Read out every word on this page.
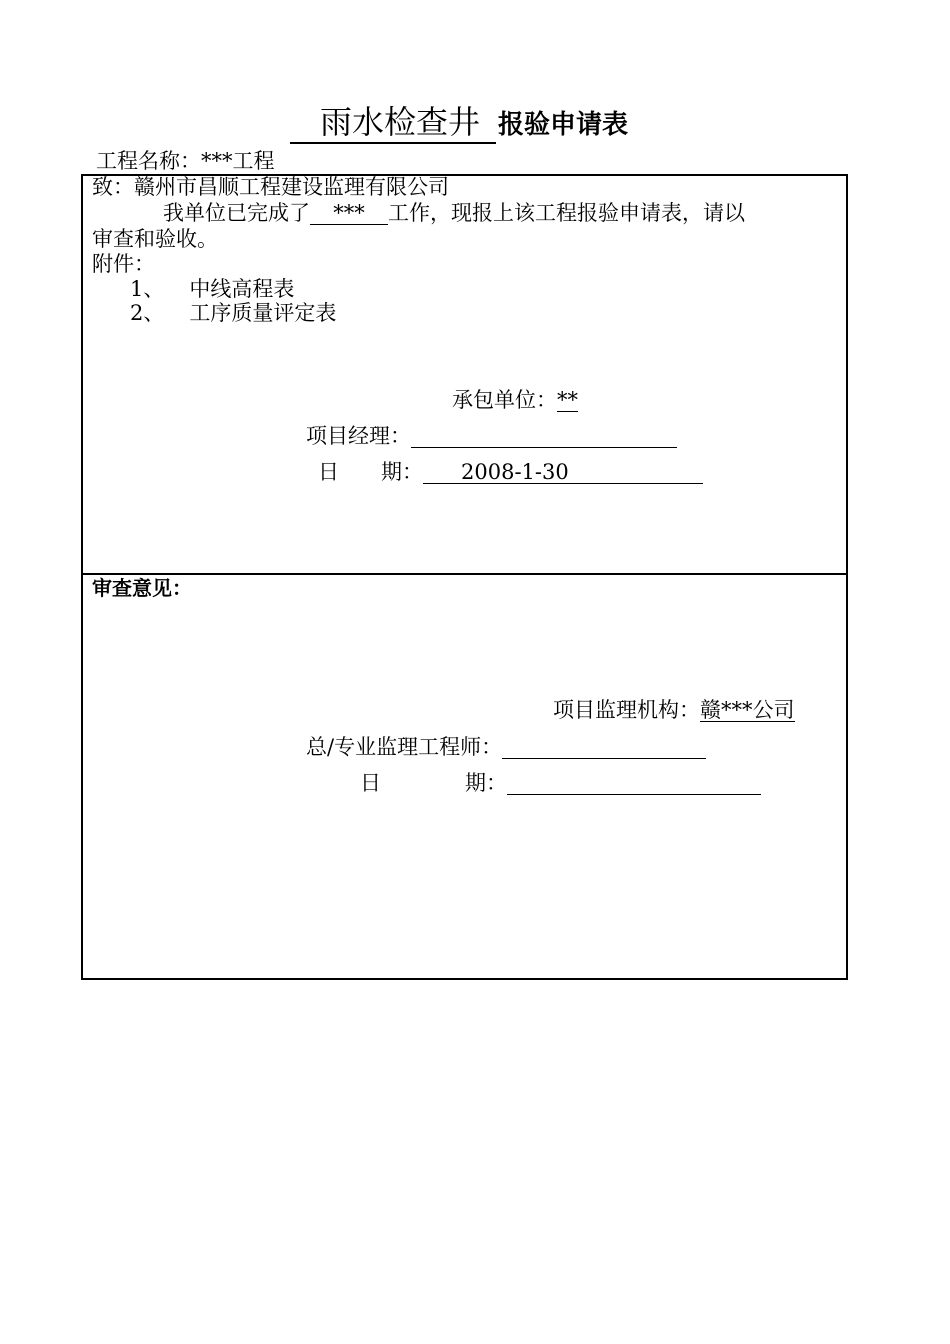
雨水检查井 报验申请表
工程名称：***工程
致：赣州市昌顺工程建设监理有限公司
我单位已完成了 *** 工作，现报上该工程报验申请表，请以
审查和验收。
附件：
1、 中线高程表
2、 工序质量评定表
承包单位：**
项目经理：
日　　期： 2008-1-30
审查意见：
项目监理机构：赣***公司
总/专业监理工程师：
日　　　　期：
